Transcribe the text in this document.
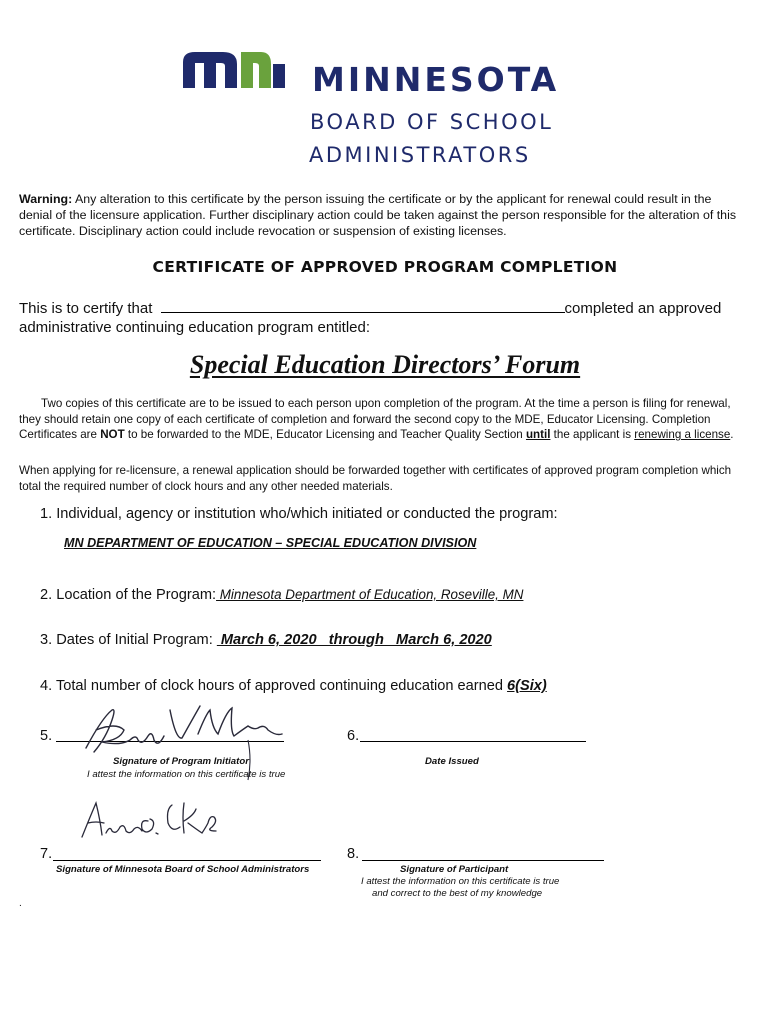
MINNESOTA
BOARD OF SCHOOL
ADMINISTRATORS
Warning: Any alteration to this certificate by the person issuing the certificate or by the applicant for renewal could result in the denial of the licensure application. Further disciplinary action could be taken against the person responsible for the alteration of this certificate. Disciplinary action could include revocation or suspension of existing licenses.
CERTIFICATE OF APPROVED PROGRAM COMPLETION
This is to certify that	completed an approved
administrative continuing education program entitled:
Special Education Directors’ Forum
Two copies of this certificate are to be issued to each person upon completion of the program. At the time a person is filing for renewal, they should retain one copy of each certificate of completion and forward the second copy to the MDE, Educator Licensing. Completion Certificates are NOT to be forwarded to the MDE, Educator Licensing and Teacher Quality Section until the applicant is renewing a license.
When applying for re-licensure, a renewal application should be forwarded together with certificates of approved program completion which total the required number of clock hours and any other needed materials.
1. Individual, agency or institution who/which initiated or conducted the program:
MN DEPARTMENT OF EDUCATION – SPECIAL EDUCATION DIVISION
2. Location of the Program: Minnesota Department of Education, Roseville, MN
3. Dates of Initial Program:  March 6, 2020   through   March 6, 2020
4. Total number of clock hours of approved continuing education earned 6(Six)
5.
Signature of Program Initiator
I attest the information on this certificate is true
6.
Date Issued
7.
Signature of Minnesota Board of School Administrators
8.
Signature of Participant
I attest the information on this certificate is true
and correct to the best of my knowledge
.
